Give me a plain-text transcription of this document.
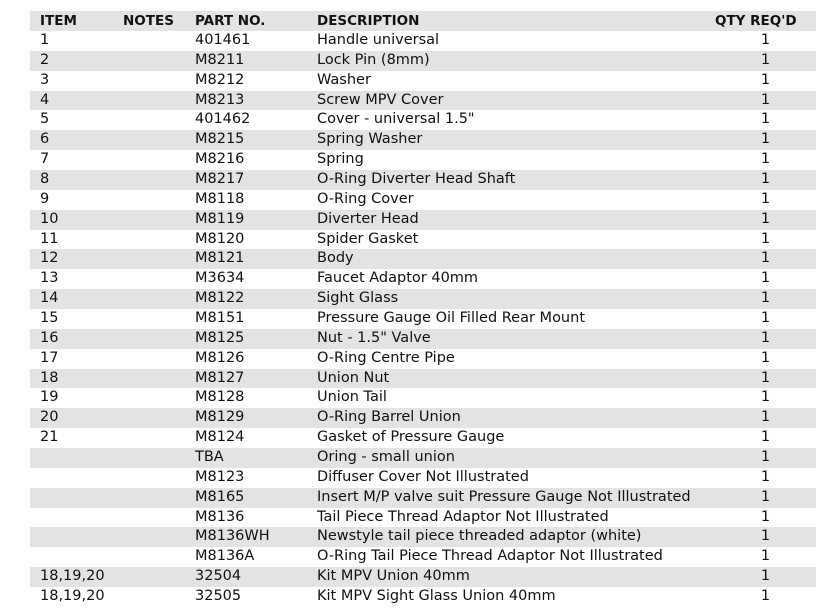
ITEM	NOTES	PART NO.	DESCRIPTION	QTY REQ'D
1		401461	Handle universal	1
2		M8211	Lock Pin (8mm)	1
3		M8212	Washer	1
4		M8213	Screw MPV Cover	1
5		401462	Cover - universal 1.5"	1
6		M8215	Spring Washer	1
7		M8216	Spring	1
8		M8217	O-Ring Diverter Head Shaft	1
9		M8118	O-Ring Cover	1
10		M8119	Diverter Head	1
11		M8120	Spider Gasket	1
12		M8121	Body	1
13		M3634	Faucet Adaptor 40mm	1
14		M8122	Sight Glass	1
15		M8151	Pressure Gauge Oil Filled Rear Mount	1
16		M8125	Nut - 1.5" Valve	1
17		M8126	O-Ring Centre Pipe	1
18		M8127	Union Nut	1
19		M8128	Union Tail	1
20		M8129	O-Ring Barrel Union	1
21		M8124	Gasket of Pressure Gauge	1
		TBA	Oring - small union	1
		M8123	Diffuser Cover Not Illustrated	1
		M8165	Insert M/P valve suit Pressure Gauge Not Illustrated	1
		M8136	Tail Piece Thread Adaptor Not Illustrated	1
		M8136WH	Newstyle tail piece threaded adaptor (white)	1
		M8136A	O-Ring Tail Piece Thread Adaptor Not Illustrated	1
18,19,20		32504	Kit MPV Union 40mm	1
18,19,20		32505	Kit MPV Sight Glass Union 40mm	1
